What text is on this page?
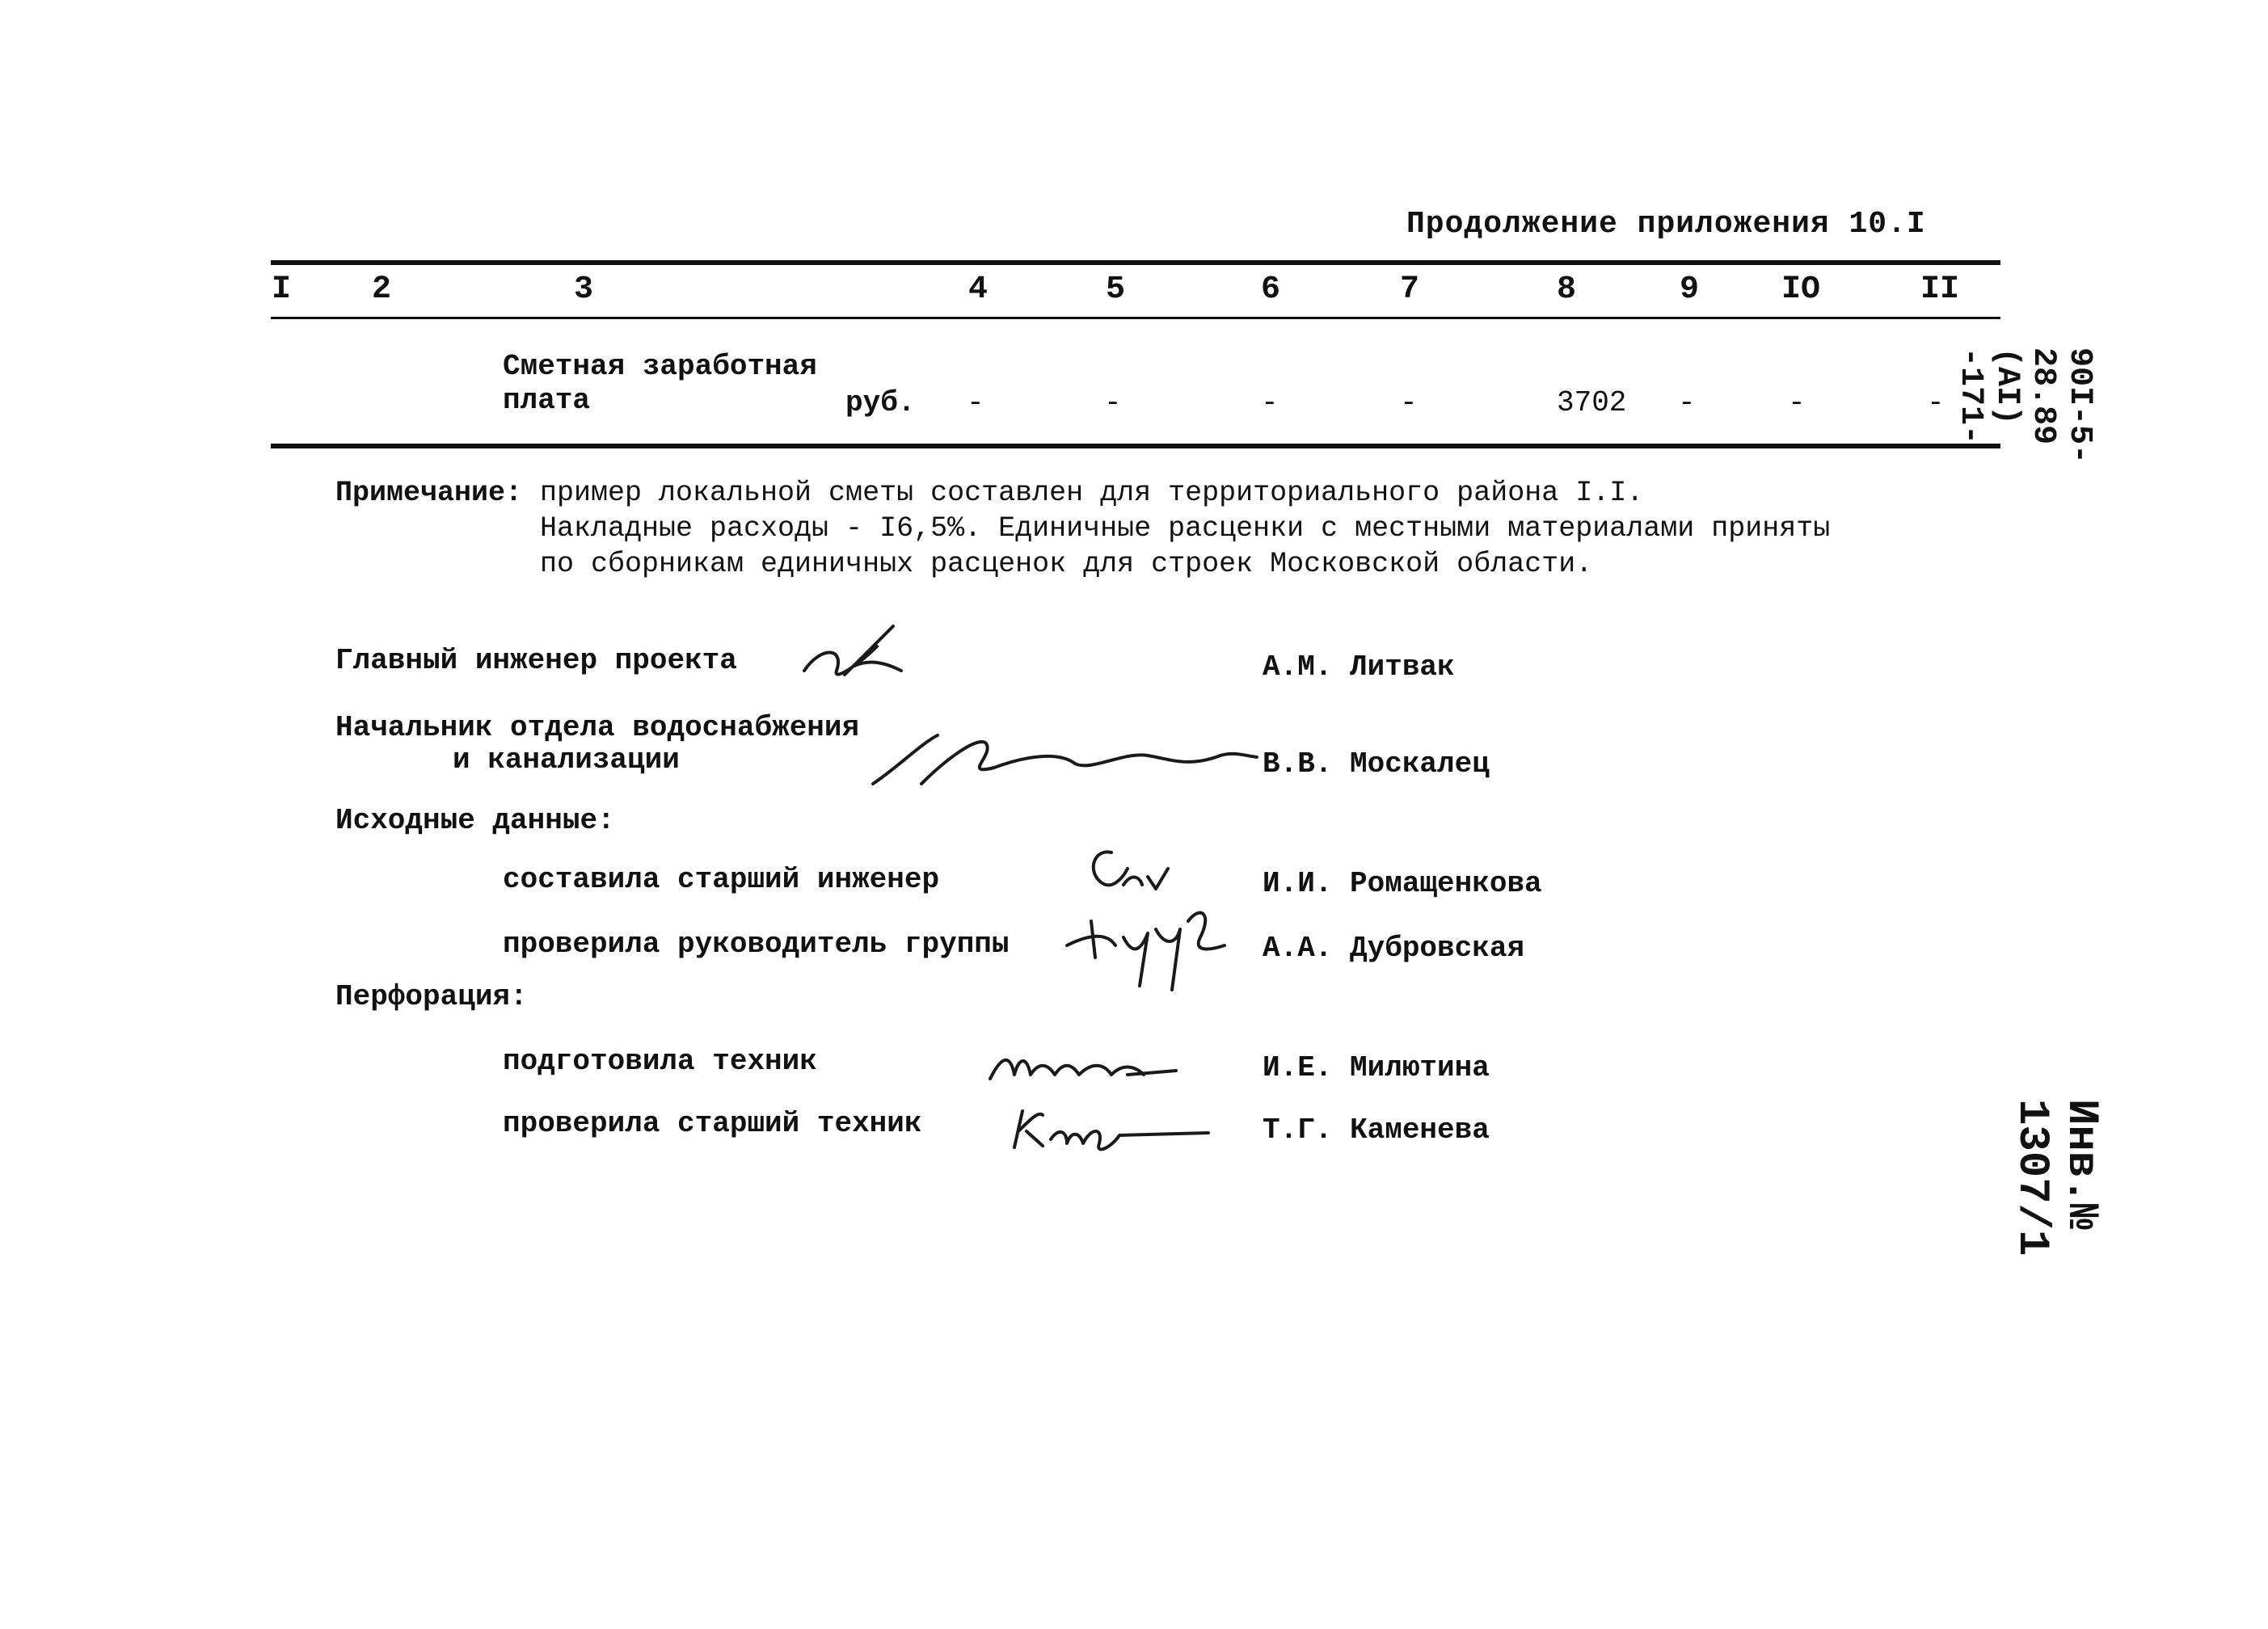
Продолжение приложения 10.I
I 2	3	4	5	6	7	8	9	IO	II
Сметная заработная
плата	руб. -	-	-	-	3702 -	-	-
Примечание: пример локальной сметы составлен для территориального района I.I.
Накладные расходы - I6,5%. Единичные расценки с местными материалами приняты
по сборникам единичных расценок для строек Московской области.
Главный инженер проекта	А.М. Литвак
Начальник отдела водоснабжения
и канализации	В.В. Москалец
Исходные данные:
составила старший инженер	И.И. Ромащенкова
проверила руководитель группы	А.А. Дубровская
Перфорация:
подготовила техник	И.Е. Милютина
проверила старший техник	Т.Г. Каменева
90I-5-28.89 (AI) -171-
Инв.№ 1307/1
